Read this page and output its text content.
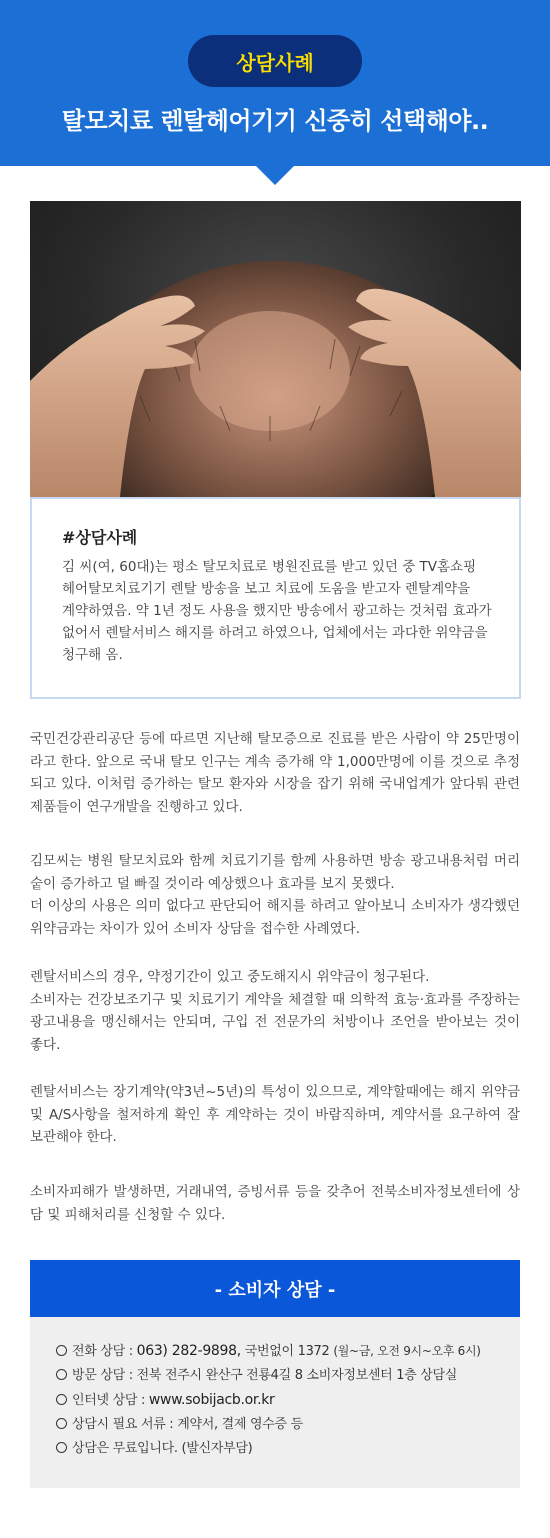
상담사례
탈모치료 렌탈헤어기기 신중히 선택해야..
#상담사례
김 씨(여, 60대)는 평소 탈모치료로 병원진료를 받고 있던 중 TV홈쇼핑
헤어탈모치료기기 렌탈 방송을 보고 치료에 도움을 받고자 렌탈계약을
계약하였음. 약 1년 정도 사용을 했지만 방송에서 광고하는 것처럼 효과가
없어서 렌탈서비스 해지를 하려고 하였으나, 업체에서는 과다한 위약금을
청구해 옴.

국민건강관리공단 등에 따르면 지난해 탈모증으로 진료를 받은 사람이 약 25만명이라고 한다. 앞으로 국내 탈모 인구는 계속 증가해 약 1,000만명에 이를 것으로 추정되고 있다. 이처럼 증가하는 탈모 환자와 시장을 잡기 위해 국내업계가 앞다퉈 관련 제품들이 연구개발을 진행하고 있다.

김모씨는 병원 탈모치료와 함께 치료기기를 함께 사용하면 방송 광고내용처럼 머리숱이 증가하고 덜 빠질 것이라 예상했으나 효과를 보지 못했다.

더 이상의 사용은 의미 없다고 판단되어 해지를 하려고 알아보니 소비자가 생각했던 위약금과는 차이가 있어 소비자 상담을 접수한 사례였다.

렌탈서비스의 경우, 약정기간이 있고 중도해지시 위약금이 청구된다.

소비자는 건강보조기구 및 치료기기 계약을 체결할 때 의학적 효능·효과를 주장하는 광고내용을 맹신해서는 안되며, 구입 전 전문가의 처방이나 조언을 받아보는 것이 좋다.

렌탈서비스는 장기계약(약3년~5년)의 특성이 있으므로, 계약할때에는 해지 위약금 및 A/S사항을 철저하게 확인 후 계약하는 것이 바람직하며, 계약서를 요구하여 잘 보관해야 한다.

소비자피해가 발생하면, 거래내역, 증빙서류 등을 갖추어 전북소비자정보센터에 상담 및 피해처리를 신청할 수 있다.

- 소비자 상담 -
전화 상담 : 063) 282-9898, 국번없이 1372 (월~금, 오전 9시~오후 6시)
방문 상담 : 전북 전주시 완산구 전룡4길 8 소비자정보센터 1층 상담실
인터넷 상담 : www.sobijacb.or.kr
상담시 필요 서류 : 계약서, 결제 영수증 등
상담은 무료입니다. (발신자부담)
